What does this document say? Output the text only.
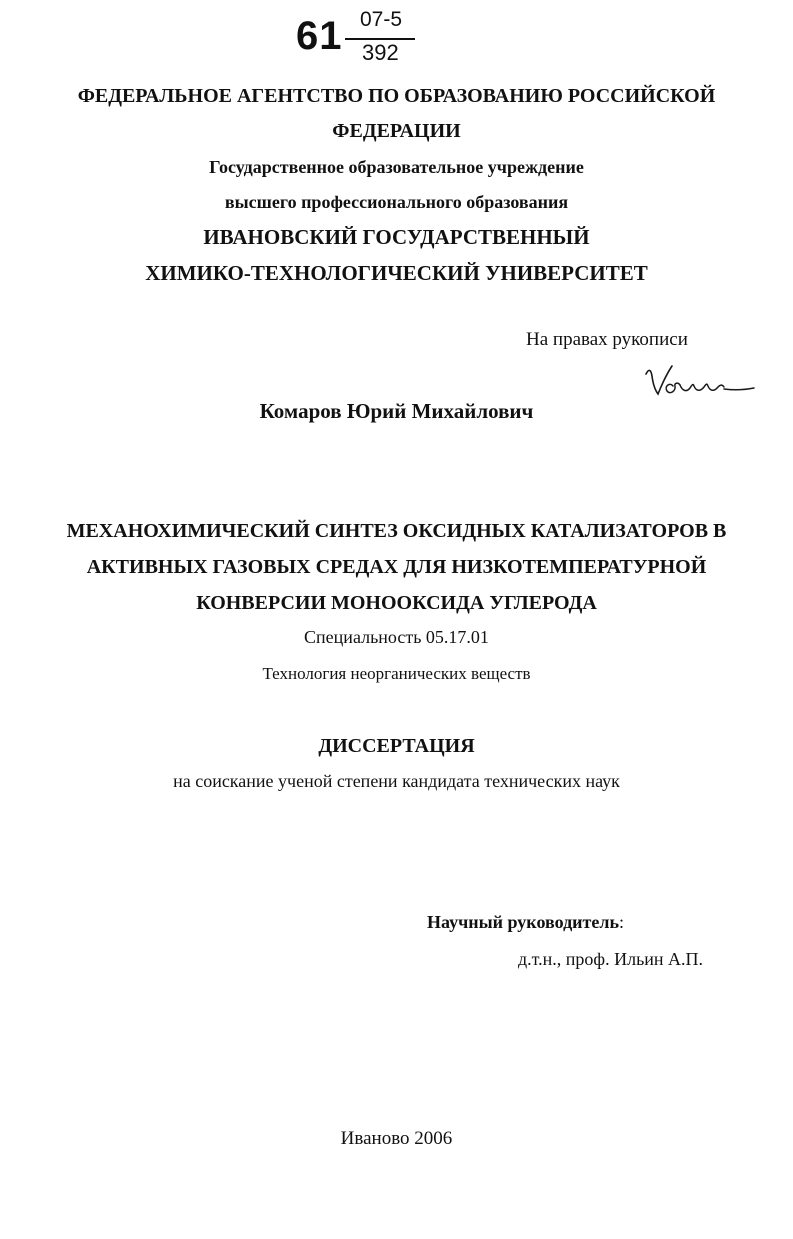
61 07-5
392
ФЕДЕРАЛЬНОЕ АГЕНТСТВО ПО ОБРАЗОВАНИЮ РОССИЙСКОЙ
ФЕДЕРАЦИИ
Государственное образовательное учреждение
высшего профессионального образования
ИВАНОВСКИЙ ГОСУДАРСТВЕННЫЙ
ХИМИКО-ТЕХНОЛОГИЧЕСКИЙ УНИВЕРСИТЕТ
На правах рукописи
Комаров Юрий Михайлович
МЕХАНОХИМИЧЕСКИЙ СИНТЕЗ ОКСИДНЫХ КАТАЛИЗАТОРОВ В
АКТИВНЫХ ГАЗОВЫХ СРЕДАХ ДЛЯ НИЗКОТЕМПЕРАТУРНОЙ
КОНВЕРСИИ МОНООКСИДА УГЛЕРОДА
Специальность 05.17.01
Технология неорганических веществ
ДИССЕРТАЦИЯ
на соискание ученой степени кандидата технических наук
Научный руководитель:
д.т.н., проф. Ильин А.П.
Иваново 2006
